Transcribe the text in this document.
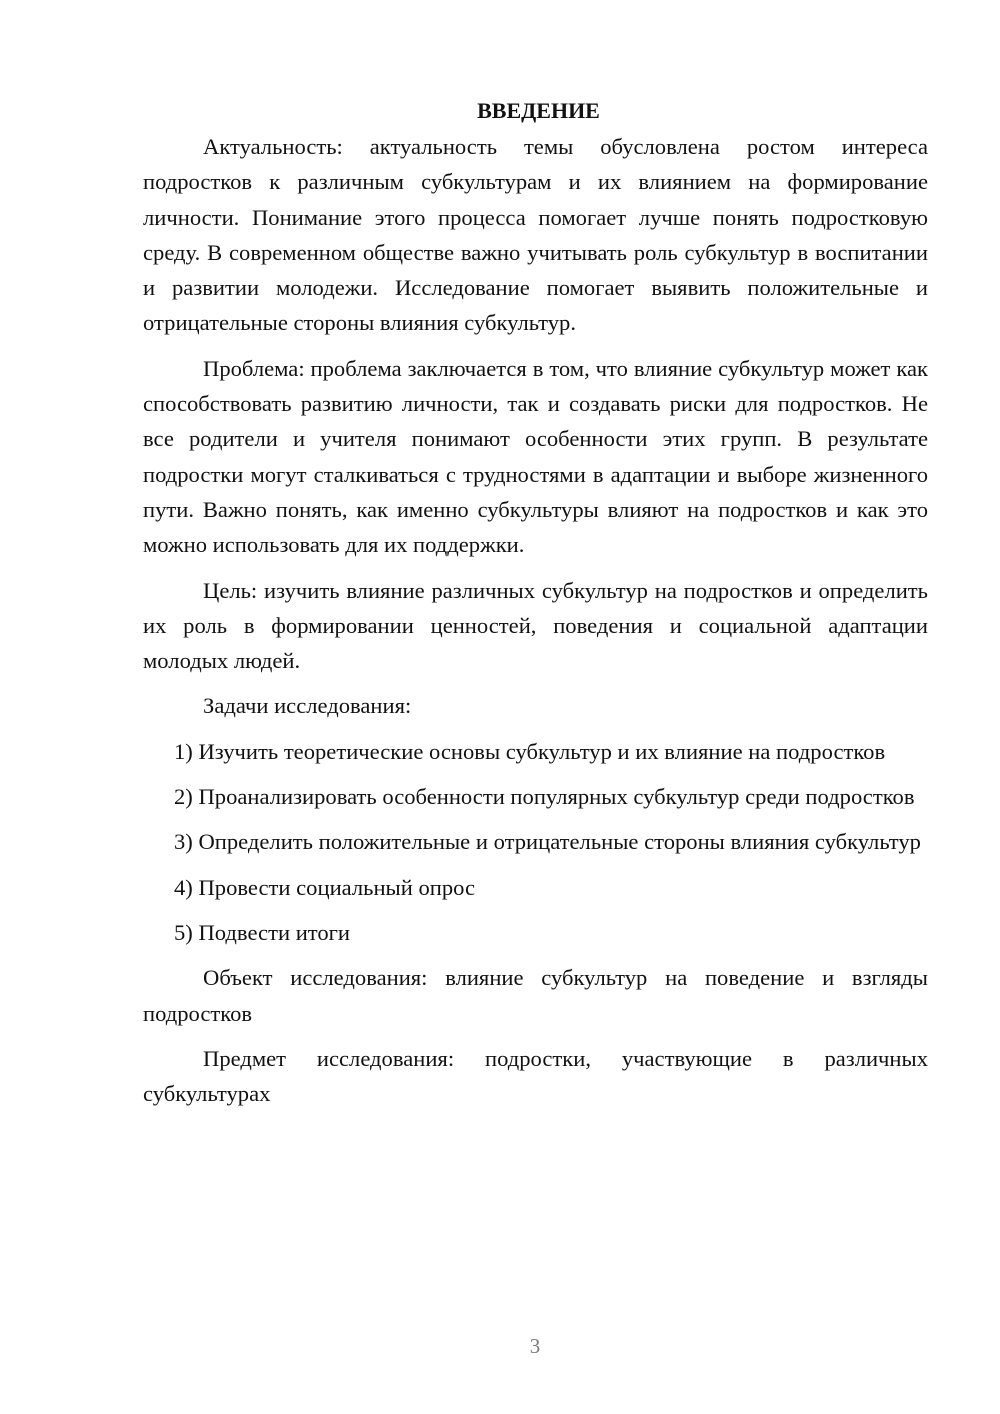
ВВЕДЕНИЕ

Актуальность: актуальность темы обусловлена ростом интереса подростков к различным субкультурам и их влиянием на формирование личности. Понимание этого процесса помогает лучше понять подростковую среду. В современном обществе важно учитывать роль субкультур в воспитании и развитии молодежи. Исследование помогает выявить положительные и отрицательные стороны влияния субкультур.

Проблема: проблема заключается в том, что влияние субкультур может как способствовать развитию личности, так и создавать риски для подростков. Не все родители и учителя понимают особенности этих групп. В результате подростки могут сталкиваться с трудностями в адаптации и выборе жизненного пути. Важно понять, как именно субкультуры влияют на подростков и как это можно использовать для их поддержки.

Цель: изучить влияние различных субкультур на подростков и определить их роль в формировании ценностей, поведения и социальной адаптации молодых людей.

Задачи исследования:

1) Изучить теоретические основы субкультур и их влияние на подростков

2) Проанализировать особенности популярных субкультур среди подростков

3) Определить положительные и отрицательные стороны влияния субкультур

4) Провести социальный опрос

5) Подвести итоги

Объект исследования: влияние субкультур на поведение и взгляды подростков

Предмет исследования: подростки, участвующие в различных субкультурах

3
